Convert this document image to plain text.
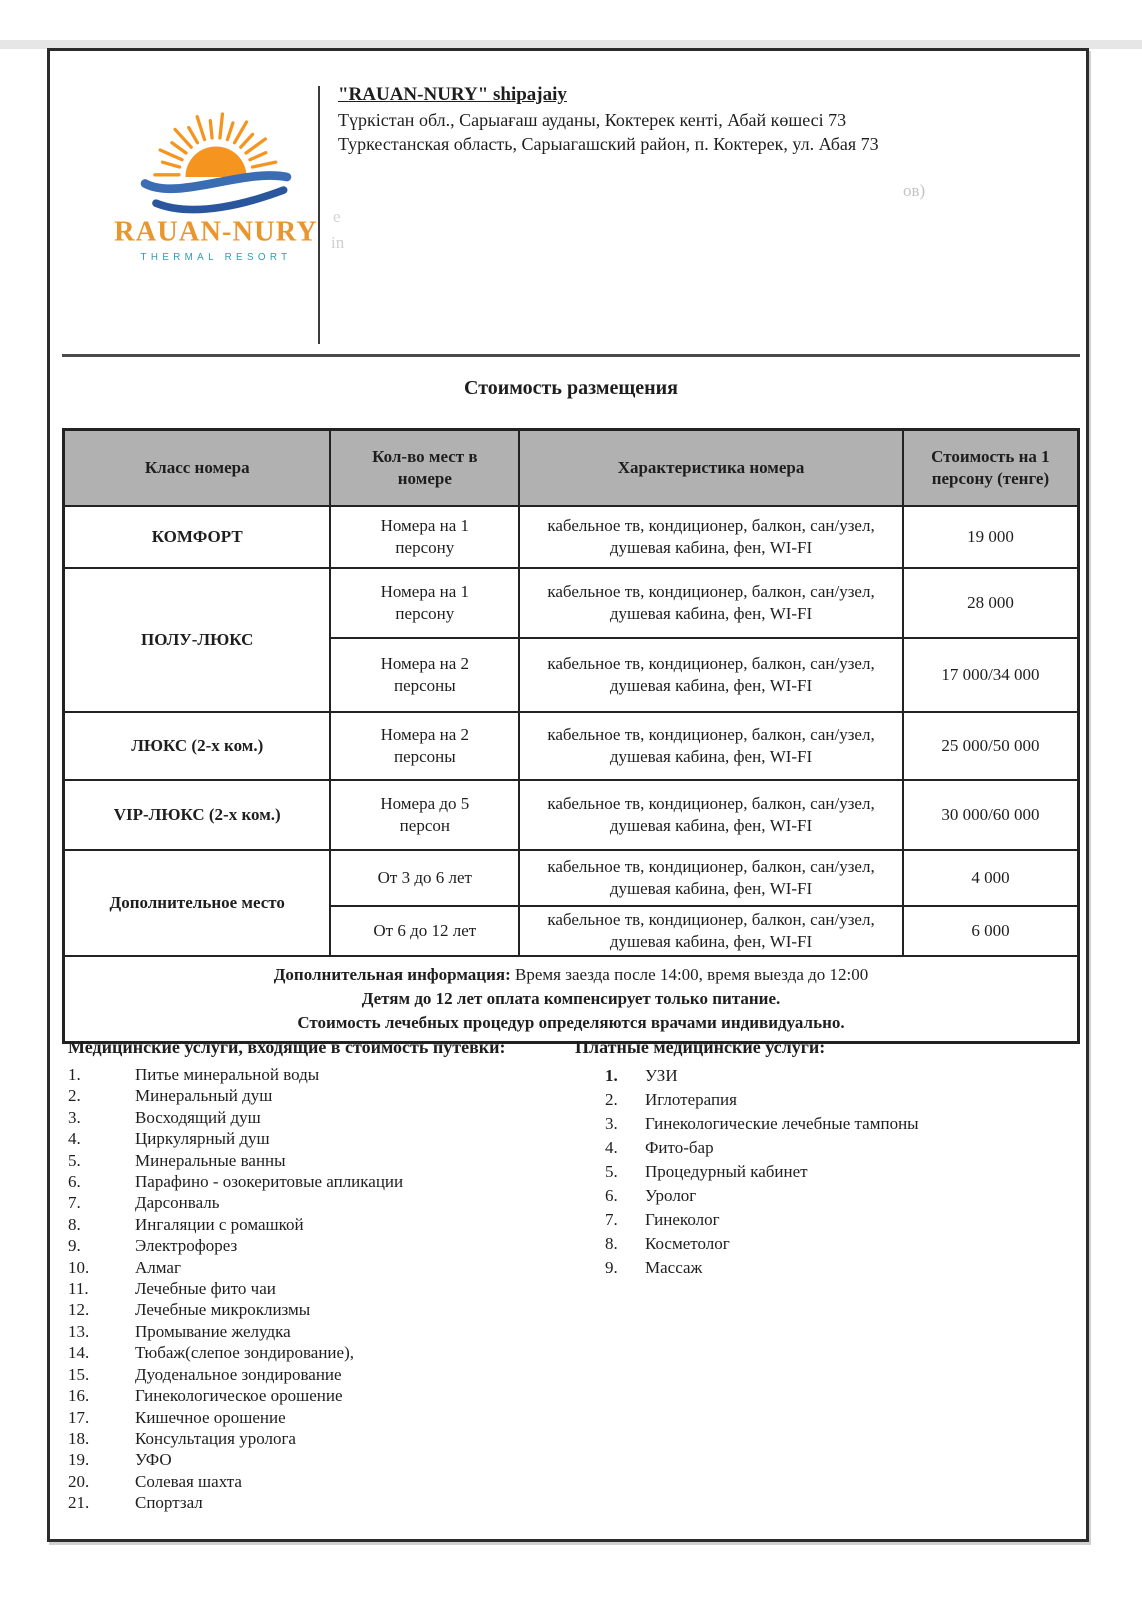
RAUAN-NURY
THERMAL RESORT
"RAUAN-NURY" shipajaiy
Түркістан обл., Сарыағаш ауданы, Коктерек кенті, Абай көшесі 73
Туркестанская область, Сарыагашский район, п. Коктерек, ул. Абая 73
ов)
е
in
Стоимость размещения
Класс номера	Кол-во мест в номере	Характеристика номера	Стоимость на 1 персону (тенге)
КОМФОРТ	Номера на 1 персону	кабельное тв, кондиционер, балкон, сан/узел, душевая кабина, фен, WI-FI	19 000
ПОЛУ-ЛЮКС	Номера на 1 персону	кабельное тв, кондиционер, балкон, сан/узел, душевая кабина, фен, WI-FI	28 000
	Номера на 2 персоны	кабельное тв, кондиционер, балкон, сан/узел, душевая кабина, фен, WI-FI	17 000/34 000
ЛЮКС (2-х ком.)	Номера на 2 персоны	кабельное тв, кондиционер, балкон, сан/узел, душевая кабина, фен, WI-FI	25 000/50 000
VIP-ЛЮКС (2-х ком.)	Номера до 5 персон	кабельное тв, кондиционер, балкон, сан/узел, душевая кабина, фен, WI-FI	30 000/60 000
Дополнительное место	От 3 до 6 лет	кабельное тв, кондиционер, балкон, сан/узел, душевая кабина, фен, WI-FI	4 000
	От 6 до 12 лет	кабельное тв, кондиционер, балкон, сан/узел, душевая кабина, фен, WI-FI	6 000

Дополнительная информация: Время заезда после 14:00, время выезда до 12:00
Детям до 12 лет оплата компенсирует только питание.
Стоимость лечебных процедур определяются врачами индивидуально.			
Медицинские услуги, входящие в стоимость путевки:
1.	Питье минеральной воды
2.	Минеральный душ
3.	Восходящий душ
4.	Циркулярный душ
5.	Минеральные ванны
6.	Парафино - озокеритовые апликации
7.	Дарсонваль
8.	Ингаляции с ромашкой
9.	Электрофорез
10.	Алмаг
11.	Лечебные фито чаи
12.	Лечебные микроклизмы
13.	Промывание желудка
14.	Тюбаж(слепое зондирование),
15.	Дуоденальное зондирование
16.	Гинекологическое орошение
17.	Кишечное орошение
18.	Консультация уролога
19.	УФО
20.	Солевая шахта
21.	Спортзал
Платные медицинские услуги:
1.	УЗИ
2.	Иглотерапия
3.	Гинекологические лечебные тампоны
4.	Фито-бар
5.	Процедурный кабинет
6.	Уролог
7.	Гинеколог
8.	Косметолог
9.	Массаж
